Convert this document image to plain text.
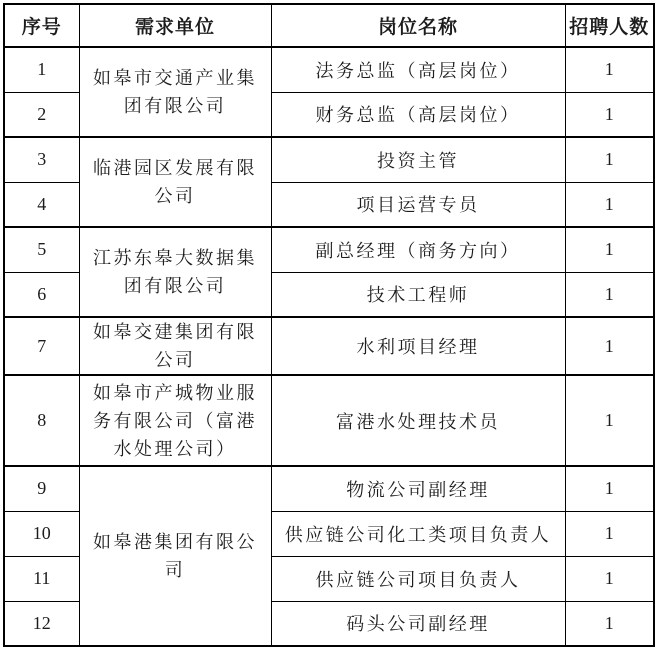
序号	需求单位	岗位名称	招聘人数
1	如皋市交通产业集团有限公司	法务总监（高层岗位）	1
2		财务总监（高层岗位）	1
3	临港园区发展有限公司	投资主管	1
4		项目运营专员	1
5	江苏东皋大数据集团有限公司	副总经理（商务方向）	1
6		技术工程师	1
7	如皋交建集团有限公司	水利项目经理	1
8	如皋市产城物业服务有限公司（富港水处理公司）	富港水处理技术员	1
9	如皋港集团有限公司	物流公司副经理	1
10		供应链公司化工类项目负责人	1
11		供应链公司项目负责人	1
12		码头公司副经理	1
